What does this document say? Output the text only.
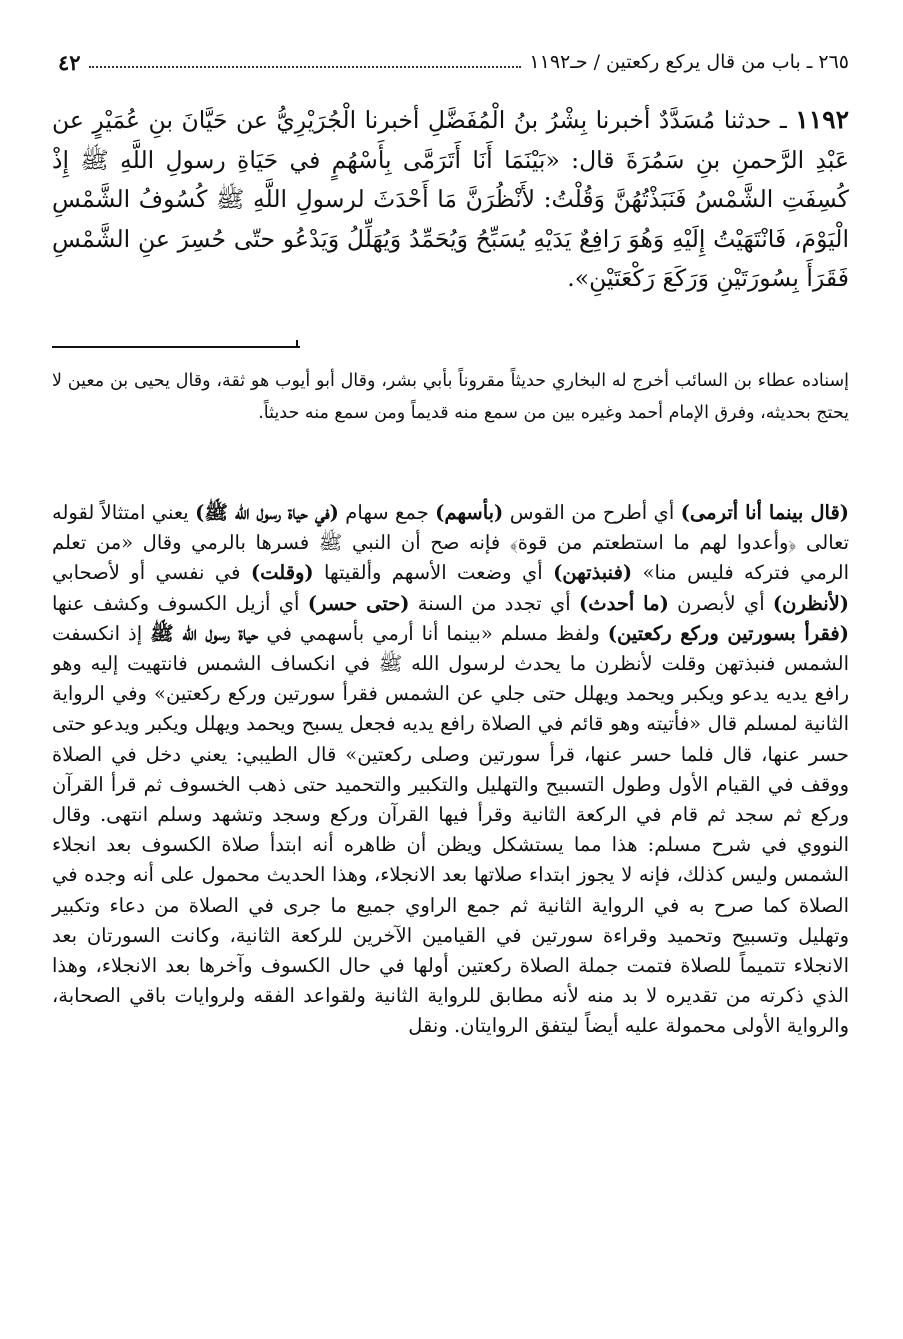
٢٦٥ ـ باب من قال يركع ركعتين / حـ١١٩٢
٤٢
١١٩٢ ـ حدثنا مُسَدَّدٌ أخبرنا بِشْرُ بنُ الْمُفَضَّلِ أخبرنا الْجُرَيْرِيُّ عن حَيَّانَ بنِ عُمَيْرٍ عن عَبْدِ الرَّحمنِ بنِ سَمُرَةَ قال: «بَيْنَمَا أَنَا أَتَرَمَّى بِأَسْهُمٍ في حَيَاةِ رسولِ اللَّهِ ﷺ إِذْ كُسِفَتِ الشَّمْسُ فَنَبَذْتُهُنَّ وَقُلْتُ: لأَنْظُرَنَّ مَا أَحْدَثَ لرسولِ اللَّهِ ﷺ كُسُوفُ الشَّمْسِ الْيَوْمَ، فَانْتَهَيْتُ إِلَيْهِ وَهُوَ رَافِعٌ يَدَيْهِ يُسَبِّحُ وَيُحَمِّدُ وَيُهَلِّلُ وَيَدْعُو حتّى حُسِرَ عنِ الشَّمْسِ فَقَرَأَ بِسُورَتَيْنِ وَرَكَعَ رَكْعَتَيْنِ».
إسناده عطاء بن السائب أخرج له البخاري حديثاً مقروناً بأبي بشر، وقال أبو أيوب هو ثقة، وقال يحيى بن معين لا يحتج بحديثه، وفرق الإمام أحمد وغيره بين من سمع منه قديماً ومن سمع منه حديثاً.
(قال بينما أنا أترمى) أي أطرح من القوس (بأسهم) جمع سهام (في حياة رسول الله ﷺ) يعني امتثالاً لقوله تعالى ﴿وأعدوا لهم ما استطعتم من قوة﴾ فإنه صح أن النبي ﷺ فسرها بالرمي وقال «من تعلم الرمي فتركه فليس منا» (فنبذتهن) أي وضعت الأسهم وألقيتها (وقلت) في نفسي أو لأصحابي (لأنظرن) أي لأبصرن (ما أحدث) أي تجدد من السنة (حتى حسر) أي أزيل الكسوف وكشف عنها (فقرأ بسورتين وركع ركعتين) ولفظ مسلم «بينما أنا أرمي بأسهمي في حياة رسول الله ﷺ إذ انكسفت الشمس فنبذتهن وقلت لأنظرن ما يحدث لرسول الله ﷺ في انكساف الشمس فانتهيت إليه وهو رافع يديه يدعو ويكبر ويحمد ويهلل حتى جلي عن الشمس فقرأ سورتين وركع ركعتين» وفي الرواية الثانية لمسلم قال «فأتيته وهو قائم في الصلاة رافع يديه فجعل يسبح ويحمد ويهلل ويكبر ويدعو حتى حسر عنها، قال فلما حسر عنها، قرأ سورتين وصلى ركعتين» قال الطيبي: يعني دخل في الصلاة ووقف في القيام الأول وطول التسبيح والتهليل والتكبير والتحميد حتى ذهب الخسوف ثم قرأ القرآن وركع ثم سجد ثم قام في الركعة الثانية وقرأ فيها القرآن وركع وسجد وتشهد وسلم انتهى. وقال النووي في شرح مسلم: هذا مما يستشكل ويظن أن ظاهره أنه ابتدأ صلاة الكسوف بعد انجلاء الشمس وليس كذلك، فإنه لا يجوز ابتداء صلاتها بعد الانجلاء، وهذا الحديث محمول على أنه وجده في الصلاة كما صرح به في الرواية الثانية ثم جمع الراوي جميع ما جرى في الصلاة من دعاء وتكبير وتهليل وتسبيح وتحميد وقراءة سورتين في القيامين الآخرين للركعة الثانية، وكانت السورتان بعد الانجلاء تتميماً للصلاة فتمت جملة الصلاة ركعتين أولها في حال الكسوف وآخرها بعد الانجلاء، وهذا الذي ذكرته من تقديره لا بد منه لأنه مطابق للرواية الثانية ولقواعد الفقه ولروايات باقي الصحابة، والرواية الأولى محمولة عليه أيضاً ليتفق الروايتان. ونقل
